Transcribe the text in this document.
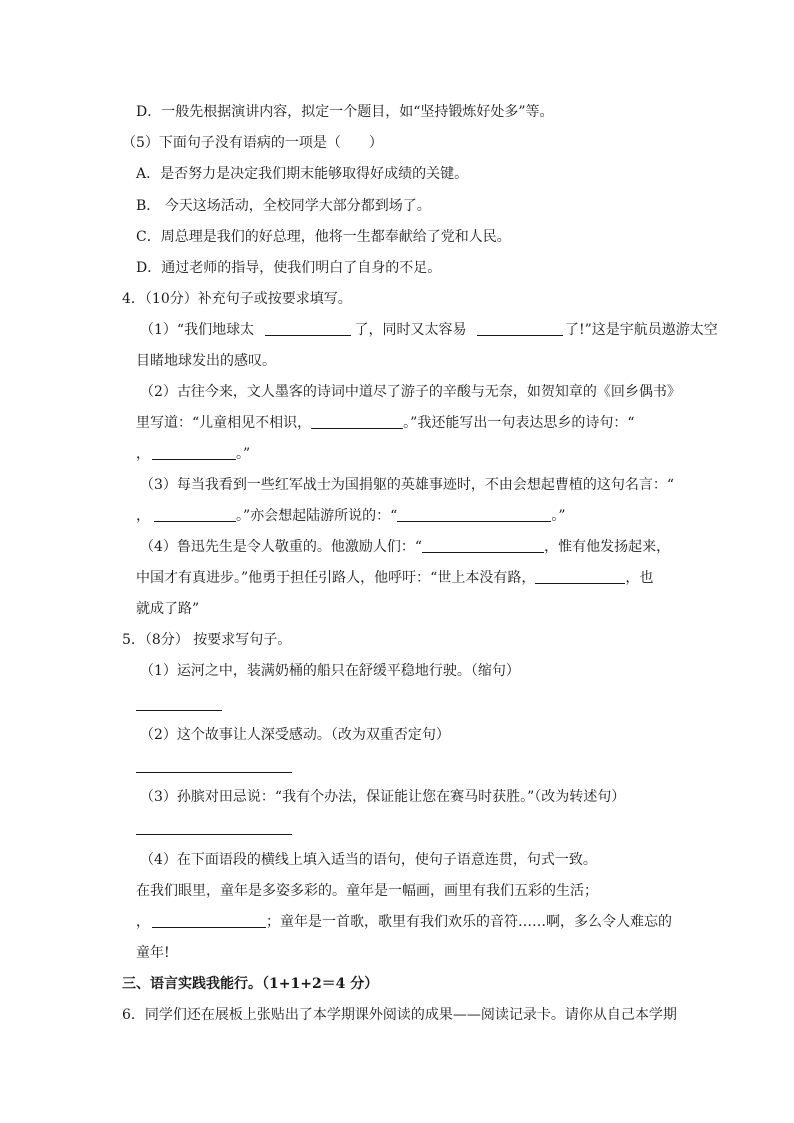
D．一般先根据演讲内容，拟定一个题目，如“坚持锻炼好处多”等。
（5）下面句子没有语病的一项是（　　）
A．是否努力是决定我们期末能够取得好成绩的关键。
B． 今天这场活动，全校同学大部分都到场了。
C．周总理是我们的好总理，他将一生都奉献给了党和人民。
D．通过老师的指导，使我们明白了自身的不足。
4．（10分）补充句子或按要求填写。
（1）“我们地球太	了，同时又太容易	了!”这是宇航员遨游太空
目睹地球发出的感叹。
（2）古往今来，文人墨客的诗词中道尽了游子的辛酸与无奈，如贺知章的《回乡偶书》
里写道：“儿童相见不相识，	。”我还能写出一句表达思乡的诗句：“
，	。”
（3）每当我看到一些红军战士为国捐躯的英雄事迹时，不由会想起曹植的这句名言：“
，	。”亦会想起陆游所说的：“	。”
（4）鲁迅先生是令人敬重的。他激励人们：“	，惟有他发扬起来，
中国才有真进步。”他勇于担任引路人，他呼吁：“世上本没有路，	，也
就成了路”
5．（8分） 按要求写句子。
（1）运河之中，装满奶桶的船只在舒缓平稳地行驶。（缩句）
（2）这个故事让人深受感动。（改为双重否定句）
（3）孙膑对田忌说：“我有个办法，保证能让您在赛马时获胜。”（改为转述句）
（4）在下面语段的横线上填入适当的语句，使句子语意连贯，句式一致。
在我们眼里，童年是多姿多彩的。童年是一幅画，画里有我们五彩的生活；
，	；童年是一首歌，歌里有我们欢乐的音符……啊，多么令人难忘的
童年!
三、语言实践我能行。（1+1+2＝4 分）
6．同学们还在展板上张贴出了本学期课外阅读的成果——阅读记录卡。请你从自己本学期
